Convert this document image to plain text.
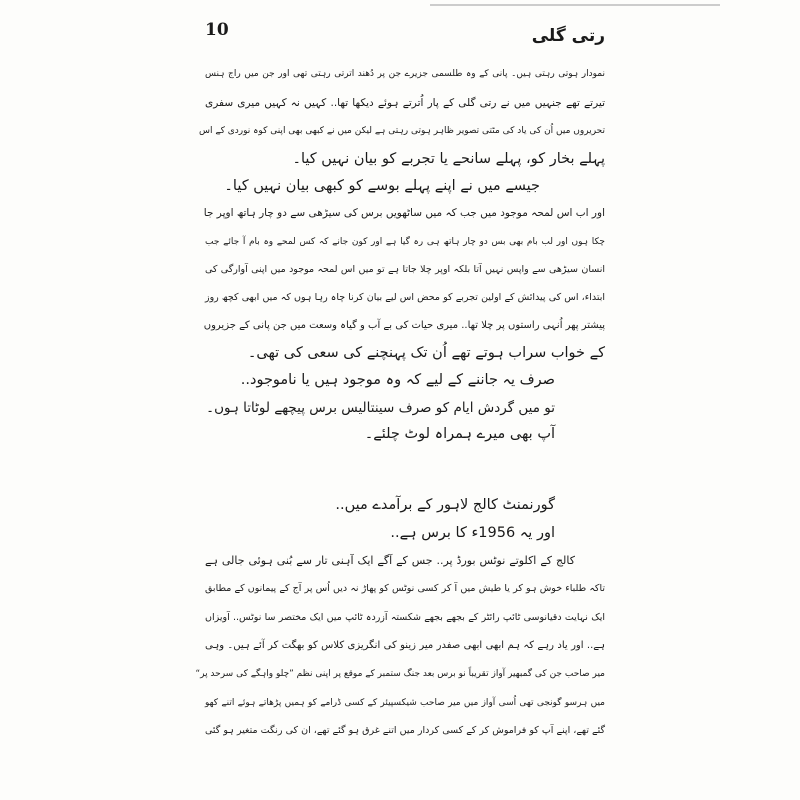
10	رتی گلی
نمودار ہوتی رہتی ہیں۔ پانی کے وہ طلسمی جزیرے جن پر دُھند اترتی رہتی تھی اور جن میں راج ہنس
تیرتے تھے جنہیں میں نے رتی گلی کے پار اُترتے ہوئے دیکھا تھا.. کہیں نہ کہیں میری سفری
تحریروں میں اُن کی یاد کی مٹتی تصویر ظاہر ہوتی رہتی ہے لیکن میں نے کبھی بھی اپنی کوہ نوردی کے اس
پہلے بخار کو، پہلے سانحے یا تجربے کو بیان نہیں کیا۔
جیسے میں نے اپنے پہلے بوسے کو کبھی بیان نہیں کیا۔
اور اب اس لمحہ موجود میں جب کہ میں ساٹھویں برس کی سیڑھی سے دو چار ہاتھ اوپر جا
چکا ہوں اور لب بام بھی بس دو چار ہاتھ ہی رہ گیا ہے اور کون جانے کہ کس لمحے وہ بام آ جائے جب
انسان سیڑھی سے واپس نہیں آتا بلکہ اوپر چلا جاتا ہے تو میں اس لمحہ موجود میں اپنی آوارگی کی
ابتداء، اس کی پیدائش کے اولین تجربے کو محض اس لیے بیان کرنا چاہ رہا ہوں کہ میں ابھی کچھ روز
پیشتر پھر اُنہی راستوں پر چلا تھا.. میری حیات کی بے آب و گیاہ وسعت میں جن پانی کے جزیروں
کے خواب سراب ہوتے تھے اُن تک پہنچنے کی سعی کی تھی۔
صرف یہ جاننے کے لیے کہ وہ موجود ہیں یا ناموجود..
تو میں گردش ایام کو صرف سینتالیس برس پیچھے لوٹاتا ہوں۔
آپ بھی میرے ہمراہ لوٹ چلئے۔
گورنمنٹ کالج لاہور کے برآمدے میں..
اور یہ 1956ء کا برس ہے..
کالج کے اکلوتے نوٹس بورڈ پر.. جس کے آگے ایک آہنی تار سے بُنی ہوئی جالی ہے
تاکہ طلباء خوش ہو کر یا طیش میں آ کر کسی نوٹس کو پھاڑ نہ دیں اُس پر آج کے پیمانوں کے مطابق
ایک نہایت دقیانوسی ٹائپ رائٹر کے بجھے بجھے شکستہ آزردہ ٹائپ میں ایک مختصر سا نوٹس.. آویزاں
ہے.. اور یاد رہے کہ ہم ابھی ابھی صفدر میر زینو کی انگریزی کلاس کو بھگت کر آئے ہیں۔ وہی
میر صاحب جن کی گمبھیر آواز تقریباً نو برس بعد جنگ ستمبر کے موقع پر اپنی نظم ”چلو واہگے کی سرحد پر“
میں ہرسو گونجی تھی اُسی آواز میں میر صاحب شیکسپیئر کے کسی ڈرامے کو ہمیں پڑھاتے ہوئے اتنے کھو
گئے تھے، اپنے آپ کو فراموش کر کے کسی کردار میں اتنے غرق ہو گئے تھے، ان کی رنگت متغیر ہو گئی
